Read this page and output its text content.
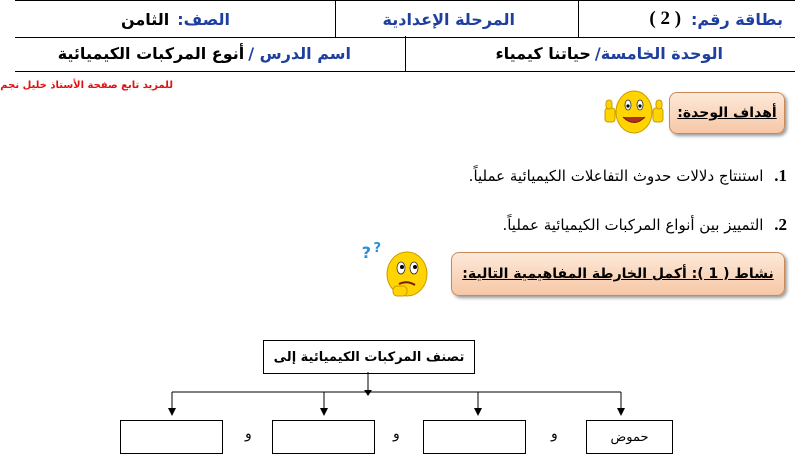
بطاقة رقم:
( 2 )
المرحلة الإعدادية
الصف:
الثامن
الوحدة الخامسة/
حياتنا كيمياء
اسم الدرس /
أنوع المركبات الكيميائية
للمزيد تابع صفحة الأستاذ خليل نجم
أهداف الوحدة:
1. استنتاج دلالات حدوث التفاعلات الكيميائية عملياً.
2. التمييز بين أنواع المركبات الكيميائية عملياً.
نشاط ( 1 ): أكمل الخارطة المفاهيمية التالية:
? ?
تصنف المركبات الكيميائية إلى
حموض
و
و
و
